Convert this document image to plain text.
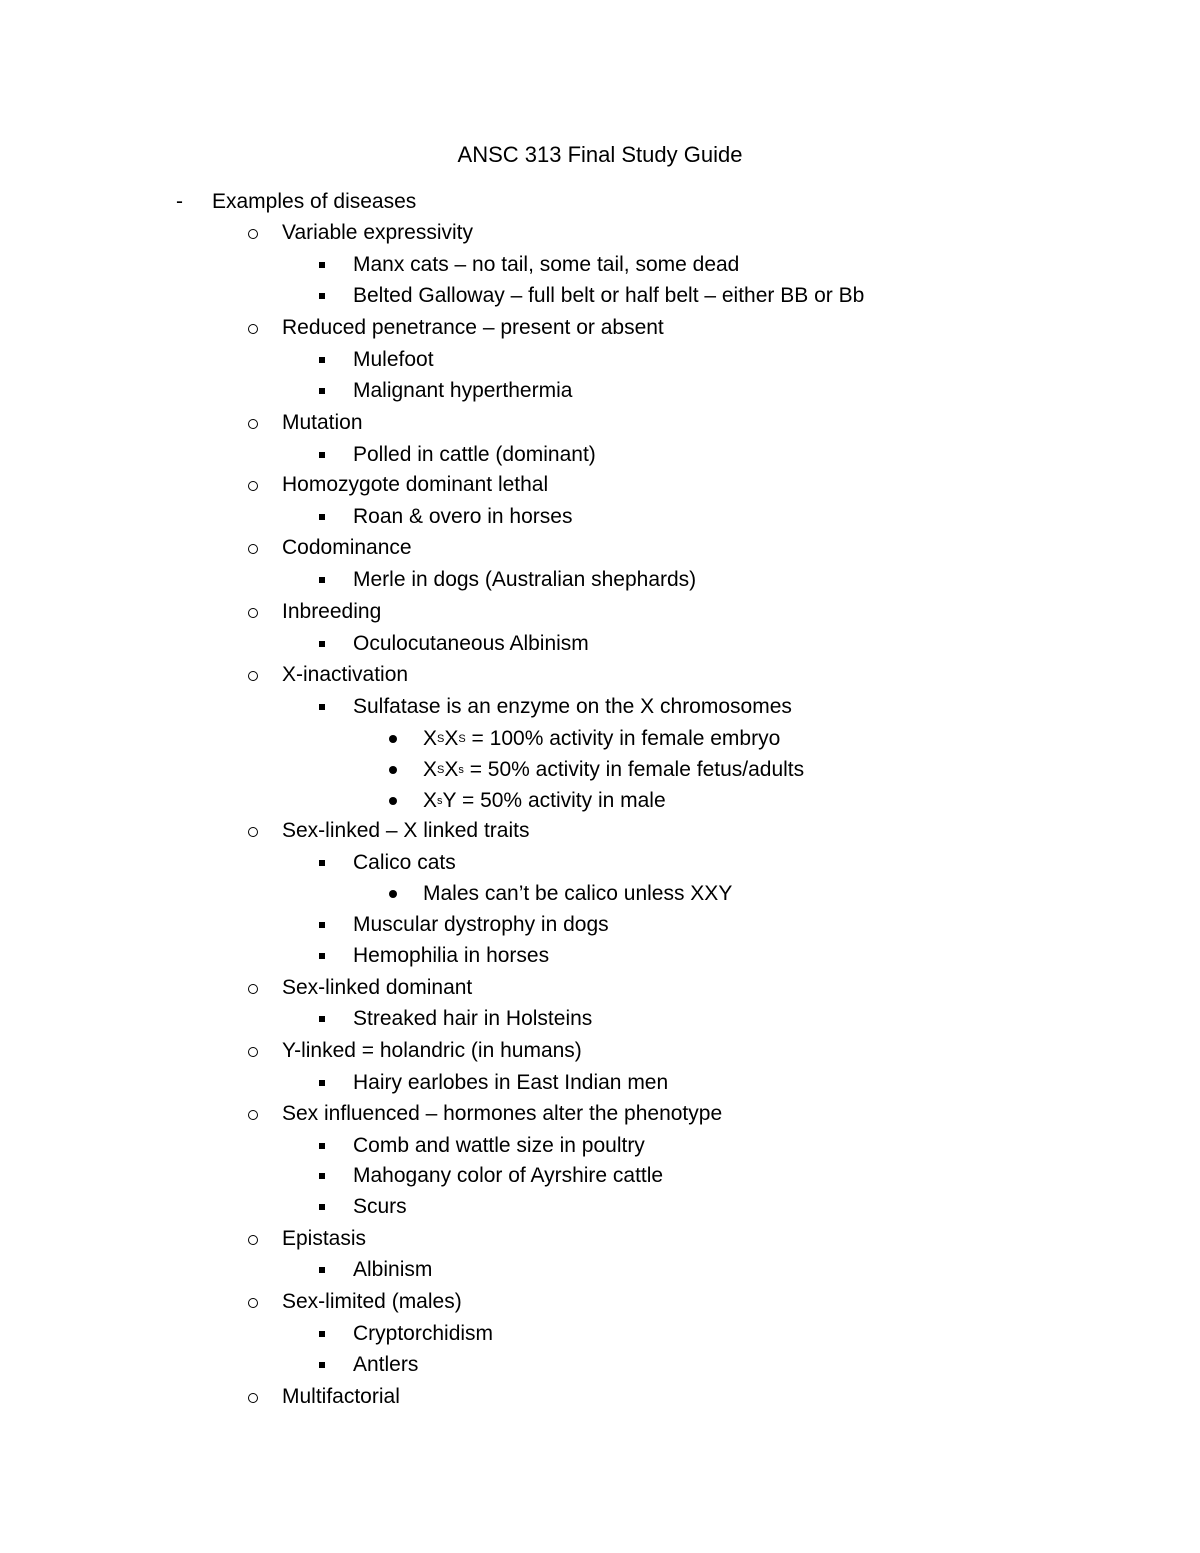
ANSC 313 Final Study Guide
- Examples of diseases
Variable expressivity
Manx cats – no tail, some tail, some dead
Belted Galloway – full belt or half belt – either BB or Bb
Reduced penetrance – present or absent
Mulefoot
Malignant hyperthermia
Mutation
Polled in cattle (dominant)
Homozygote dominant lethal
Roan & overo in horses
Codominance
Merle in dogs (Australian shephards)
Inbreeding
Oculocutaneous Albinism
X-inactivation
Sulfatase is an enzyme on the X chromosomes
$X^SX^S = 100\%$ activity in female embryo
$X^SX^s = 50\%$ activity in female fetus/adults
$X^sY = 50\%$ activity in male
Sex-linked – X linked traits
Calico cats
Males can’t be calico unless XXY
Muscular dystrophy in dogs
Hemophilia in horses
Sex-linked dominant
Streaked hair in Holsteins
Y-linked = holandric (in humans)
Hairy earlobes in East Indian men
Sex influenced – hormones alter the phenotype
Comb and wattle size in poultry
Mahogany color of Ayrshire cattle
Scurs
Epistasis
Albinism
Sex-limited (males)
Cryptorchidism
Antlers
Multifactorial
